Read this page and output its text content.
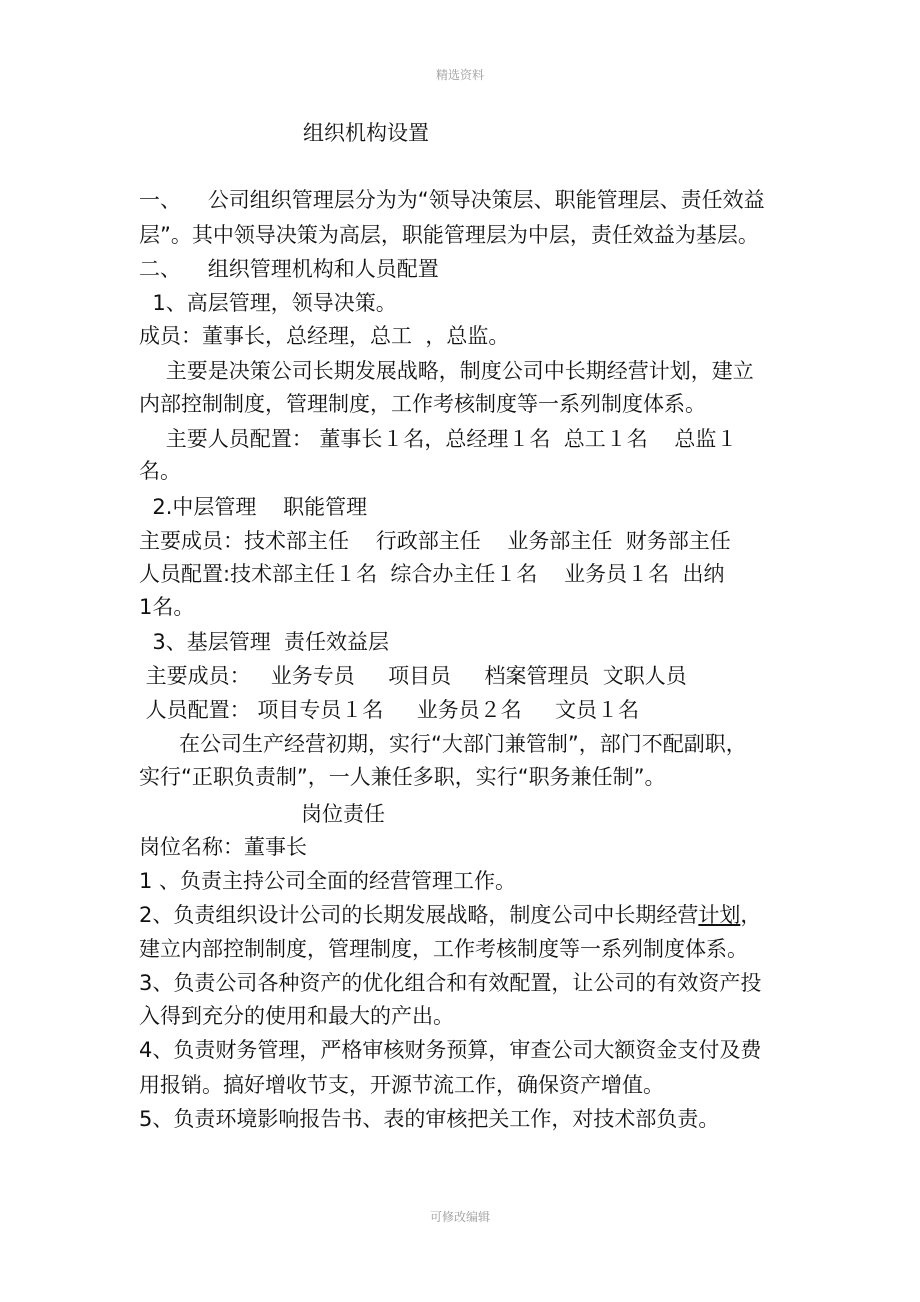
精选资料
组织机构设置
一、    公司组织管理层分为为“领导决策层、职能管理层、责任效益
层”。其中领导决策为高层，职能管理层为中层，责任效益为基层。
二、    组织管理机构和人员配置
1、高层管理，领导决策。
成员：董事长，总经理，总工  ，总监。
主要是决策公司长期发展战略，制度公司中长期经营计划，建立
内部控制制度，管理制度，工作考核制度等一系列制度体系。
主要人员配置： 董事长１名，总经理１名  总工１名    总监１
名。
2.中层管理    职能管理
主要成员：技术部主任    行政部主任    业务部主任  财务部主任
人员配置:技术部主任１名  综合办主任１名    业务员１名  出纳
1名。
3、基层管理  责任效益层
主要成员：   业务专员     项目员     档案管理员  文职人员
人员配置： 项目专员１名     业务员２名     文员１名
在公司生产经营初期，实行“大部门兼管制”，部门不配副职，
实行“正职负责制”，一人兼任多职，实行“职务兼任制”。
岗位责任
岗位名称：董事长
1 、负责主持公司全面的经营管理工作。
2、负责组织设计公司的长期发展战略，制度公司中长期经营计划，
建立内部控制制度，管理制度，工作考核制度等一系列制度体系。
3、负责公司各种资产的优化组合和有效配置，让公司的有效资产投
入得到充分的使用和最大的产出。
4、负责财务管理，严格审核财务预算，审查公司大额资金支付及费
用报销。搞好增收节支，开源节流工作，确保资产增值。
5、负责环境影响报告书、表的审核把关工作，对技术部负责。
可修改编辑
